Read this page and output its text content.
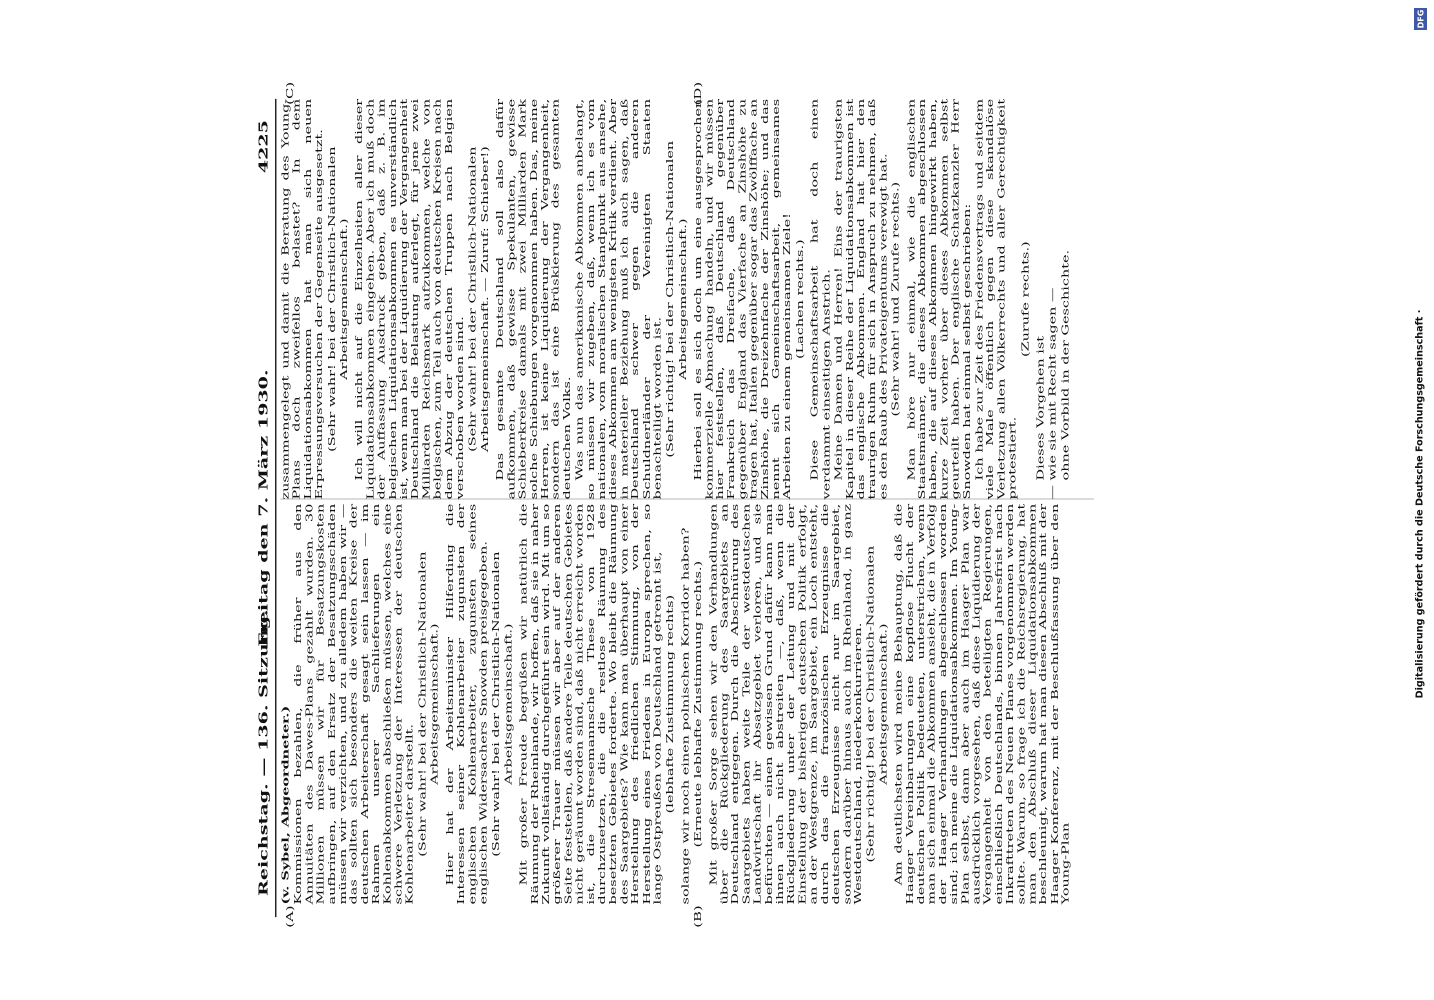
Reichstag. — 136. Sitzung.
Freitag den 7. März 1930.
4225
(A)	(B)
(C)	(D)

(v. Sybel, Abgeordneter.) Kommissionen bezahlen, die früher aus den Annuitäten des Dawes-Plans gezahlt wurden. 30 Millionen müssen wir für Besatzungskosten aufbringen, auf den Ersatz der Besatzungsschäden müssen wir verzichten, und zu alledem haben wir — das sollten sich besonders die weiten Kreise der deutschen Arbeiterschaft gesagt sein lassen — im Rahmen unserer Sachlieferungen ein Kohlenabkommen abschließen müssen, welches eine schwere Verletzung der Interessen der deutschen Kohlenarbeiter darstellt. (Sehr wahr! bei der Christlich-Nationalen Arbeitsgemeinschaft.) Hier hat der Arbeitsminister Hilferding die Interessen seiner Kohlenarbeiter zugunsten der englischen Kohlenarbeiter, zugunsten seines englischen Widersachers Snowden preisgegeben. (Sehr wahr! bei der Christlich-Nationalen Arbeitsgemeinschaft.) Mit großer Freude begrüßen wir natürlich die Räumung der Rheinlande, wir hoffen, daß sie in naher Zukunft vollständig durchgeführt sein wird. Mit um so größerer Trauer müssen wir aber auf der anderen Seite feststellen, daß andere Teile deutschen Gebietes nicht geräumt worden sind, daß nicht erreicht worden ist, die Stresemannsche These von 1928 durchzusetzen, die die restlose Räumung des besetzten Gebietes forderte. Wo bleibt die Räumung des Saargebiets? Wie kann man überhaupt von einer Herstellung des friedlichen Stimmung, von der Herstellung eines Friedens in Europa sprechen, so lange Ostpreußen von Deutschland getrennt ist, (lebhafte Zustimmung rechts) solange wir noch einen polnischen Korridor haben? (Erneute lebhafte Zustimmung rechts.) Mit großer Sorge sehen wir den Verhandlungen über die Rückgliederung des Saargebiets an Deutschland entgegen. Durch die Abschnürung des Saargebiets haben weite Teile der westdeutschen Landwirtschaft ihr Absatzgebiet verloren, und sie befürchten — einen gewissen Grund dafür kann man ihnen auch nicht abstreiten —, daß, wenn die Rückgliederung unter der Leitung und mit der Einstellung der bisherigen deutschen Politik erfolgt, an der Westgrenze, im Saargebiet, ein Loch entsteht, durch das die französischen Erzeugnisse die deutschen Erzeugnisse nicht nur im Saargebiet, sondern darüber hinaus auch im Rheinland, in ganz Westdeutschland, niederkonkurrieren. (Sehr richtig! bei der Christlich-Nationalen Arbeitsgemeinschaft.) Am deutlichsten wird meine Behauptung, daß die Haager Vereinbarungen eine kopflose Flucht der deutschen Politik bedeuteten, unterstrichen, wenn man sich einmal die Abkommen ansieht, die in Verfolg der Haager Verhandlungen abgeschlossen worden sind; ich meine die Liquidationsabkommen. Im Young-Plan selbst, dann aber auch im Haager Plan war ausdrücklich vorgesehen, daß diese Liquidierung der Vergangenheit von den beteiligten Regierungen, einschließlich Deutschlands, binnen Jahresfrist nach Inkrafttreten des Neuen Planes vorgenommen werden sollte. Warum, so frage ich die Reichsregierung, hat man den Abschluß dieser Liquidationsabkommen beschleunigt, warum hat man diesen Abschluß mit der Haager Konferenz, mit der Beschlußfassung über den Young-Plan

zusammengelegt und damit die Beratung des Young-Plans doch zweifellos belastet? In dem Liquidationsabkommen hat man sich neuen Erpressungsversuchen der Gegenseite ausgesetzt. (Sehr wahr! bei der Christlich-Nationalen Arbeitsgemeinschaft.) Ich will nicht auf die Einzelheiten aller dieser Liquidationsabkommen eingehen. Aber ich muß doch der Auffassung Ausdruck geben, daß z. B. im belgischen Liquidationsabkommen es unverständlich ist, wenn man bei der Liquidierung der Vergangenheit Deutschland die Belastung auferlegt, für jene zwei Milliarden Reichsmark aufzukommen, welche von belgischen, zum Teil auch von deutschen Kreisen nach dem Abzug der deutschen Truppen nach Belgien verschoben worden sind. (Sehr wahr! bei der Christlich-Nationalen Arbeitsgemeinschaft. — Zuruf: Schieber!) Das gesamte Deutschland soll also dafür aufkommen, daß gewisse Spekulanten, gewisse Schieberkreise damals mit zwei Milliarden Mark solche Schiebungen vorgenommen haben. Das, meine Herren, ist keine Liquidierung der Vergangenheit, sondern das ist eine Brüskierung des gesamten deutschen Volks. Was nun das amerikanische Abkommen anbelangt, so müssen wir zugeben, daß, wenn ich es vom nationalen, vom moralischen Standpunkt aus ansehe, dieses Abkommen am wenigsten Kritik verdient. Aber in materieller Beziehung muß ich auch sagen, daß Deutschland schwer gegen die anderen Schuldnerländer der Vereinigten Staaten benachteiligt worden ist. (Sehr richtig! bei der Christlich-Nationalen Arbeitsgemeinschaft.) Hierbei soll es sich doch um eine ausgesprochen kommerzielle Abmachung handeln, und wir müssen hier feststellen, daß Deutschland gegenüber Frankreich das Dreifache, daß Deutschland gegenüber England das Vierfache an Zinshöhe zu tragen hat, Italien gegenüber sogar das Zwölffache an Zinshöhe, die Dreizehnfache der Zinshöhe; und das nennt sich Gemeinschaftsarbeit, gemeinsames Arbeiten zu einem gemeinsamen Ziele! (Lachen rechts.) Diese Gemeinschaftsarbeit hat doch einen verdammt einseitigen Anstrich. Meine Damen und Herren! Eins der traurigsten Kapitel in dieser Reihe der Liquidationsabkommen ist das englische Abkommen. England hat hier den traurigen Ruhm für sich in Anspruch zu nehmen, daß es den Raub des Privateigentums verewigt hat. (Sehr wahr! und Zurufe rechts.) Man höre nur einmal, wie die englischen Staatsmänner, die dieses Abkommen abgeschlossen haben, die auf dieses Abkommen hingewirkt haben, kurze Zeit vorher über dieses Abkommen selbst geurteilt haben. Der englische Schatzkanzler Herr Snowden hat einmal selbst geschrieben: Ich habe zur Zeit des Friedensvertrags und seitdem viele Male öffentlich gegen diese skandalöse Verletzung allen Völkerrechts und aller Gerechtigkeit protestiert.

(Zurufe rechts.)

Dieses Vorgehen ist — wie sie mit Recht sagen — ohne Vorbild in der Geschichte.

DFG
Digitalisierung gefördert durch die Deutsche Forschungsgemeinschaft ·
